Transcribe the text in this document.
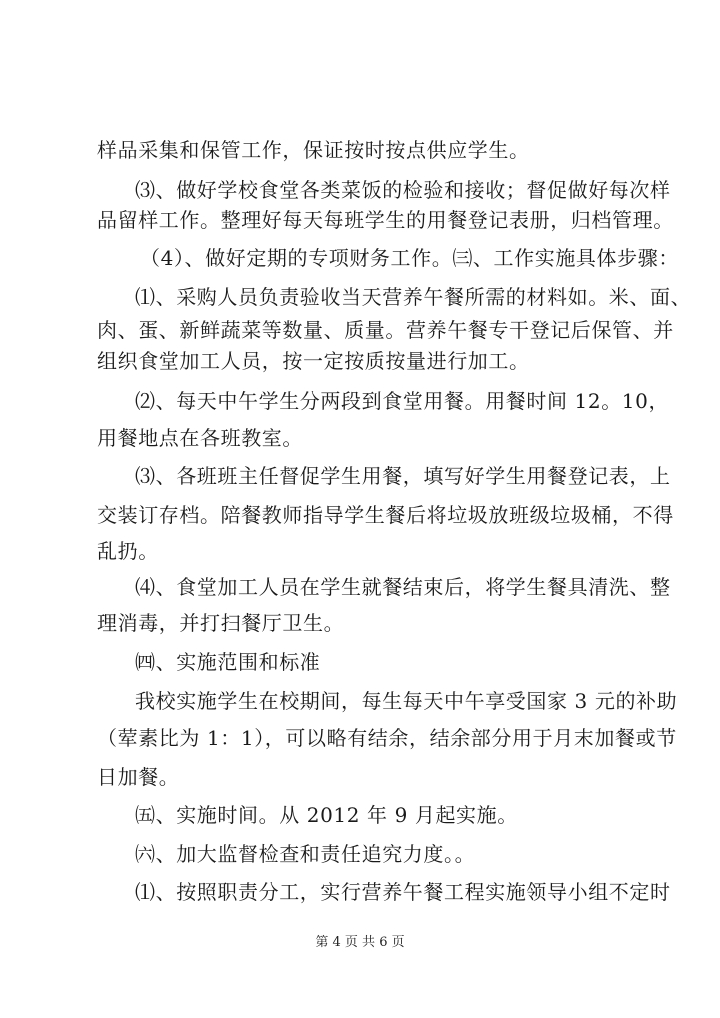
样品采集和保管工作，保证按时按点供应学生。
⑶、做好学校食堂各类菜饭的检验和接收；督促做好每次样
品留样工作。整理好每天每班学生的用餐登记表册，归档管理。
（4）、做好定期的专项财务工作。㈢、工作实施具体步骤：
⑴、采购人员负责验收当天营养午餐所需的材料如。米、面、
肉、蛋、新鲜蔬菜等数量、质量。营养午餐专干登记后保管、并
组织食堂加工人员，按一定按质按量进行加工。
⑵、每天中午学生分两段到食堂用餐。用餐时间 12。10，
用餐地点在各班教室。
⑶、各班班主任督促学生用餐，填写好学生用餐登记表，上
交装订存档。陪餐教师指导学生餐后将垃圾放班级垃圾桶，不得
乱扔。
⑷、食堂加工人员在学生就餐结束后，将学生餐具清洗、整
理消毒，并打扫餐厅卫生。
㈣、实施范围和标准
我校实施学生在校期间，每生每天中午享受国家 3 元的补助
（荤素比为 1：1），可以略有结余，结余部分用于月末加餐或节
日加餐。
㈤、实施时间。从 2012 年 9 月起实施。
㈥、加大监督检查和责任追究力度。。
⑴、按照职责分工，实行营养午餐工程实施领导小组不定时
第 4 页 共 6 页
